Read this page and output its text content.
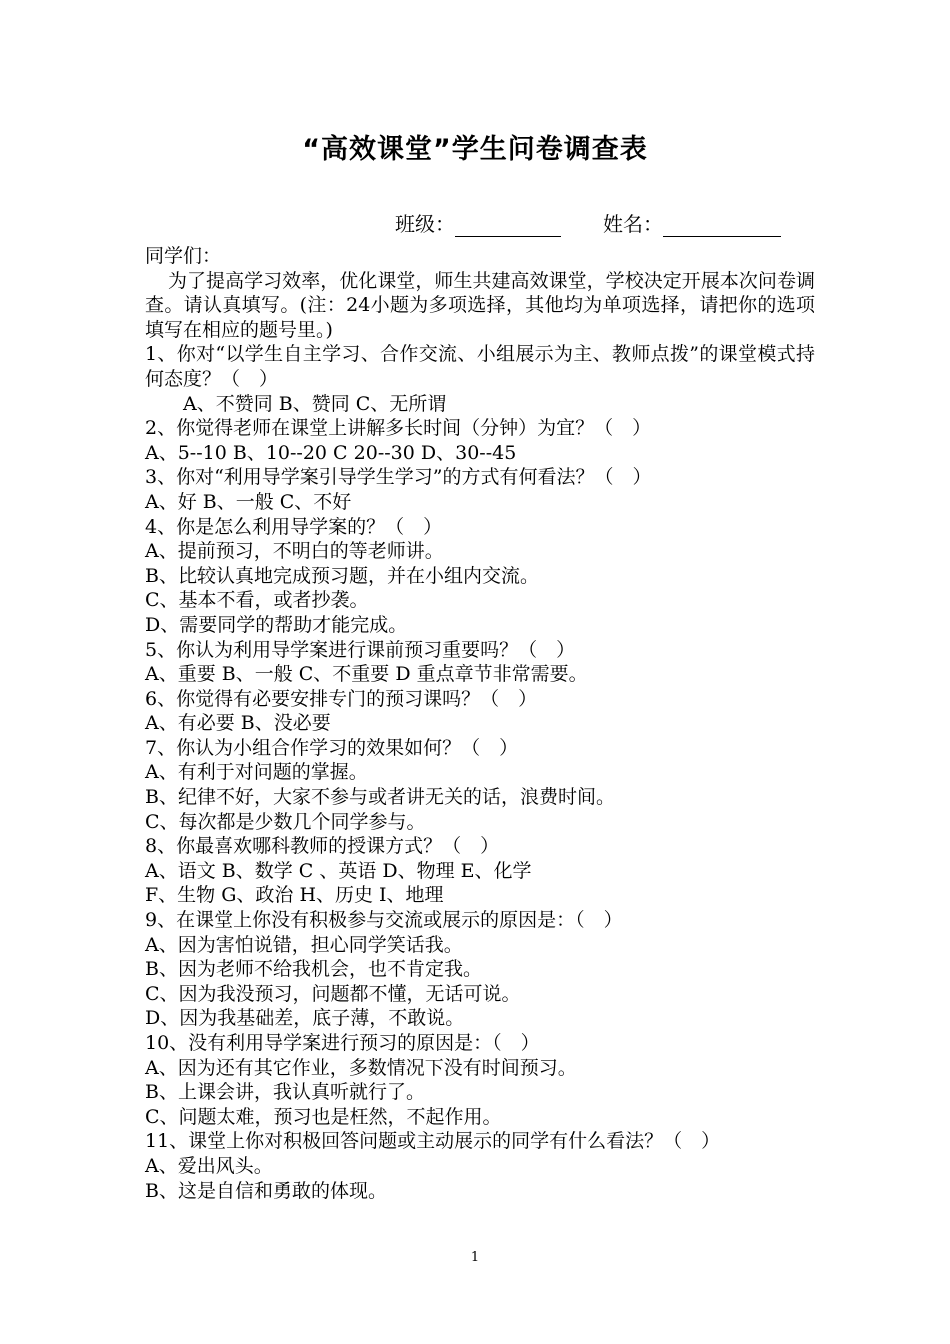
“高效课堂”学生问卷调查表
班级：	姓名：
同学们：
为了提高学习效率，优化课堂，师生共建高效课堂，学校决定开展本次问卷调查。请认真填写。(注：24小题为多项选择，其他均为单项选择，请把你的选项填写在相应的题号里。)
1、你对“以学生自主学习、合作交流、小组展示为主、教师点拨”的课堂模式持何态度？（　）
A、不赞同 B、赞同 C、无所谓
2、你觉得老师在课堂上讲解多长时间（分钟）为宜？（　）
A、5--10 B、10--20 C 20--30 D、30--45
3、你对“利用导学案引导学生学习”的方式有何看法？（　）
A、好 B、一般 C、不好
4、你是怎么利用导学案的？（　）
A、提前预习，不明白的等老师讲。
B、比较认真地完成预习题，并在小组内交流。
C、基本不看，或者抄袭。
D、需要同学的帮助才能完成。
5、你认为利用导学案进行课前预习重要吗？（　）
A、重要 B、一般 C、不重要 D 重点章节非常需要。
6、你觉得有必要安排专门的预习课吗？（　）
A、有必要 B、没必要
7、你认为小组合作学习的效果如何？（　）
A、有利于对问题的掌握。
B、纪律不好，大家不参与或者讲无关的话，浪费时间。
C、每次都是少数几个同学参与。
8、你最喜欢哪科教师的授课方式？（　）
A、语文 B、数学 C 、英语 D、物理 E、化学
F、生物 G、政治 H、历史 I、地理
9、在课堂上你没有积极参与交流或展示的原因是：（　）
A、因为害怕说错，担心同学笑话我。
B、因为老师不给我机会，也不肯定我。
C、因为我没预习，问题都不懂，无话可说。
D、因为我基础差，底子薄，不敢说。
10、没有利用导学案进行预习的原因是：（　）
A、因为还有其它作业，多数情况下没有时间预习。
B、上课会讲，我认真听就行了。
C、问题太难，预习也是枉然，不起作用。
11、课堂上你对积极回答问题或主动展示的同学有什么看法？（　）
A、爱出风头。
B、这是自信和勇敢的体现。
1
